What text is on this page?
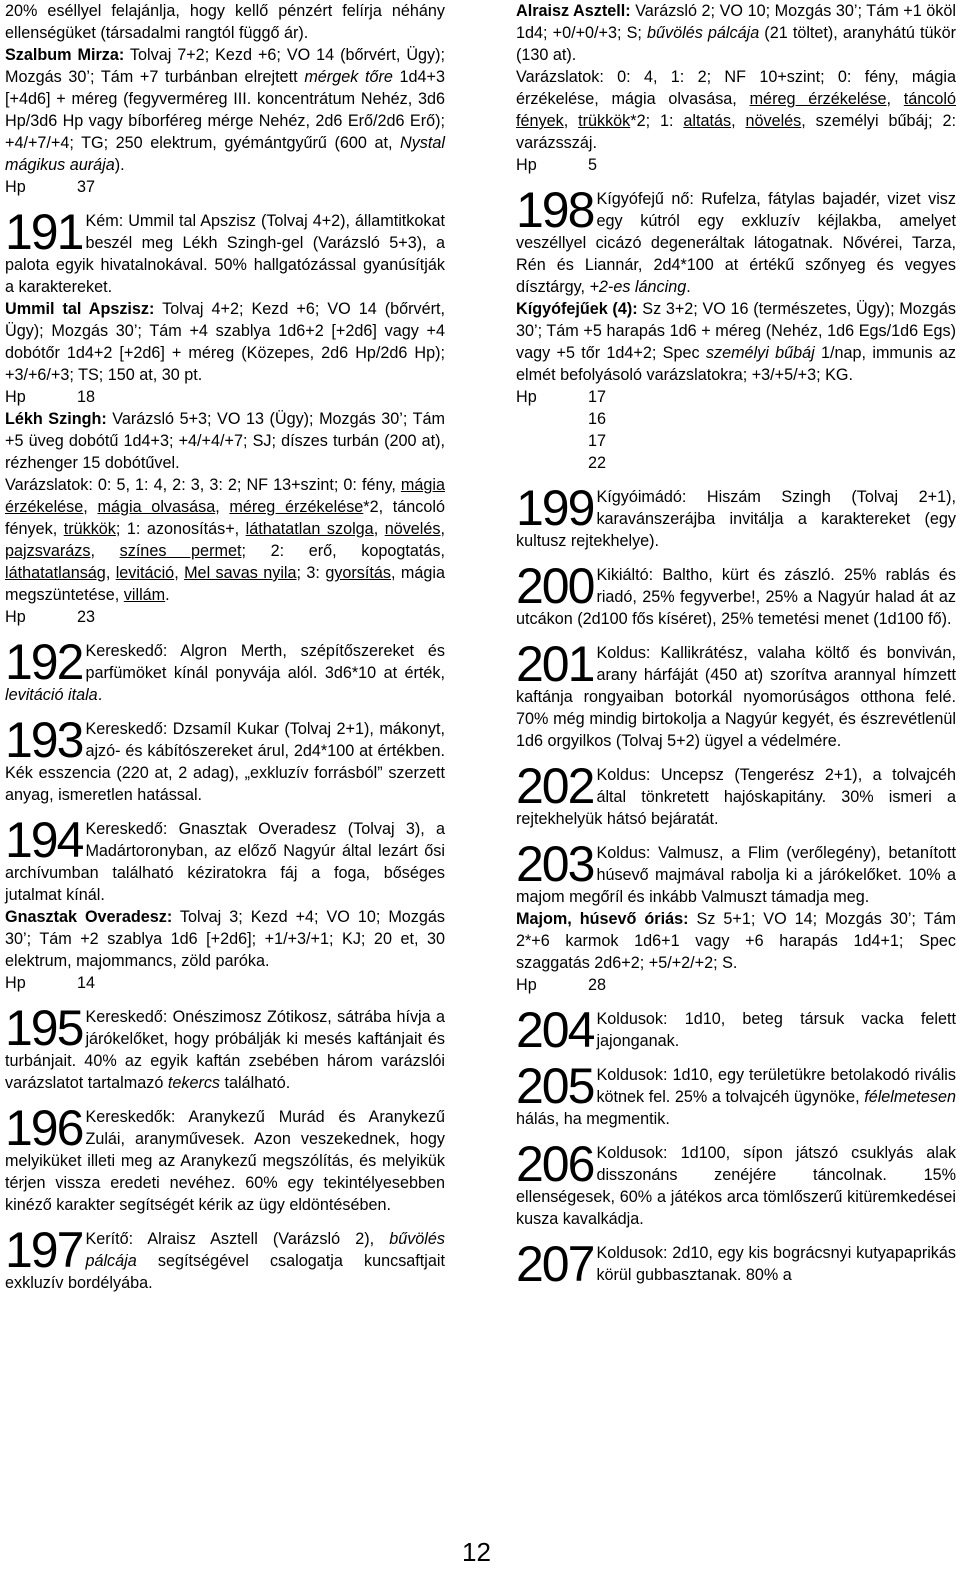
20% eséllyel felajánlja, hogy kellő pénzért felírja néhány ellenségüket (társadalmi rangtól függő ár).

Szalbum Mirza: Tolvaj 7+2; Kezd +6; VO 14 (bőrvért, Ügy); Mozgás 30’; Tám +7 turbánban elrejtett mérgek tőre 1d4+3 [+4d6] + méreg (fegyverméreg III. koncentrátum Nehéz, 3d6 Hp/3d6 Hp vagy bíborféreg mérge Nehéz, 2d6 Erő/2d6 Erő); +4/+7/+4; TG; 250 elektrum, gyémántgyűrű (600 at, Nystal mágikus aurája).

Hp	37
191 Kém: Ummil tal Apszisz (Tolvaj 4+2), államtitkokat beszél meg Lékh Szingh-gel (Varázsló 5+3), a palota egyik hivatalnokával. 50% hallgatózással gyanúsítják a karaktereket.

Ummil tal Apszisz: Tolvaj 4+2; Kezd +6; VO 14 (bőrvért, Ügy); Mozgás 30’; Tám +4 szablya 1d6+2 [+2d6] vagy +4 dobótőr 1d4+2 [+2d6] + méreg (Közepes, 2d6 Hp/2d6 Hp); +3/+6/+3; TS; 150 at, 30 pt.

Hp	18

Lékh Szingh: Varázsló 5+3; VO 13 (Ügy); Mozgás 30’; Tám +5 üveg dobótű 1d4+3; +4/+4/+7; SJ; díszes turbán (200 at), rézhenger 15 dobótűvel.

Varázslatok: 0: 5, 1: 4, 2: 3, 3: 2; NF 13+szint; 0: fény, mágia érzékelése, mágia olvasása, méreg érzékelése*2, táncoló fények, trükkök; 1: azonosítás+, láthatatlan szolga, növelés, pajzsvarázs, színes permet; 2: erő, kopogtatás, láthatatlanság, levitáció, Mel savas nyila; 3: gyorsítás, mágia megszüntetése, villám.

Hp	23
192 Kereskedő: Algron Merth, szépítőszereket és parfümöket kínál ponyvája alól. 3d6*10 at érték, levitáció itala.

193 Kereskedő: Dzsamíl Kukar (Tolvaj 2+1), mákonyt, ajzó- és kábítószereket árul, 2d4*100 at értékben. Kék esszencia (220 at, 2 adag), „exkluzív forrásból” szerzett anyag, ismeretlen hatással.

194 Kereskedő: Gnasztak Overadesz (Tolvaj 3), a Madártoronyban, az előző Nagyúr által lezárt ősi archívumban található kéziratokra fáj a foga, bőséges jutalmat kínál.

Gnasztak Overadesz: Tolvaj 3; Kezd +4; VO 10; Mozgás 30’; Tám +2 szablya 1d6 [+2d6]; +1/+3/+1; KJ; 20 et, 30 elektrum, majommancs, zöld paróka.

Hp	14
195 Kereskedő: Onészimosz Zótikosz, sátrába hívja a járókelőket, hogy próbálják ki mesés kaftánjait és turbánjait. 40% az egyik kaftán zsebében három varázslói varázslatot tartalmazó tekercs található.

196 Kereskedők: Aranykezű Murád és Aranykezű Zulái, aranyművesek. Azon veszekednek, hogy melyiküket illeti meg az Aranykezű megszólítás, és melyikük térjen vissza eredeti nevéhez. 60% egy tekintélyesebben kinéző karakter segítségét kérik az ügy eldöntésében.

197 Kerítő: Alraisz Asztell (Varázsló 2), bűvölés pálcája segítségével csalogatja kuncsaftjait exkluzív bordélyába.

Alraisz Asztell: Varázsló 2; VO 10; Mozgás 30’; Tám +1 ököl 1d4; +0/+0/+3; S; bűvölés pálcája (21 töltet), aranyhátú tükör (130 at).

Varázslatok: 0: 4, 1: 2; NF 10+szint; 0: fény, mágia érzékelése, mágia olvasása, méreg érzékelése, táncoló fények, trükkök*2; 1: altatás, növelés, személyi bűbáj; 2: varázsszáj.

Hp	5
198 Kígyófejű nő: Rufelza, fátylas bajadér, vizet visz egy kútról egy exkluzív kéjlakba, amelyet veszéllyel cicázó degeneráltak látogatnak. Nővérei, Tarza, Rén és Liannár, 2d4*100 at értékű szőnyeg és vegyes dísztárgy, +2-es láncing.

Kígyófejűek (4): Sz 3+2; VO 16 (természetes, Ügy); Mozgás 30’; Tám +5 harapás 1d6 + méreg (Nehéz, 1d6 Egs/1d6 Egs) vagy +5 tőr 1d4+2; Spec személyi bűbáj 1/nap, immunis az elmét befolyásoló varázslatokra; +3/+5/+3; KG.

Hp	17
16
17
22
199 Kígyóimádó: Hiszám Szingh (Tolvaj 2+1), karavánszerájba invitálja a karaktereket (egy kultusz rejtekhelye).

200 Kikiáltó: Baltho, kürt és zászló. 25% rablás és riadó, 25% fegyverbe!, 25% a Nagyúr halad át az utcákon (2d100 fős kíséret), 25% temetési menet (1d100 fő).

201 Koldus: Kallikrátész, valaha költő és bonviván, arany hárfáját (450 at) szorítva arannyal hímzett kaftánja rongyaiban botorkál nyomorúságos otthona felé. 70% még mindig birtokolja a Nagyúr kegyét, és észrevétlenül 1d6 orgyilkos (Tolvaj 5+2) ügyel a védelmére.

202 Koldus: Uncepsz (Tengerész 2+1), a tolvajcéh által tönkretett hajóskapitány. 30% ismeri a rejtekhelyük hátsó bejáratát.

203 Koldus: Valmusz, a Flim (verőlegény), betanított húsevő majmával rabolja ki a járókelőket. 10% a majom megőríl és inkább Valmuszt támadja meg.

Majom, húsevő óriás: Sz 5+1; VO 14; Mozgás 30’; Tám 2*+6 karmok 1d6+1 vagy +6 harapás 1d4+1; Spec szaggatás 2d6+2; +5/+2/+2; S.

Hp	28
204 Koldusok: 1d10, beteg társuk vacka felett jajonganak.

205 Koldusok: 1d10, egy területükre betolakodó rivális kötnek fel. 25% a tolvajcéh ügynöke, félelmetesen hálás, ha megmentik.

206 Koldusok: 1d100, sípon játszó csuklyás alak disszonáns zenéjére táncolnak. 15% ellenségesek, 60% a játékos arca tömlőszerű kitüremkedései kusza kavalkádja.

207 Koldusok: 2d10, egy kis bográcsnyi kutyapaprikás körül gubbasztanak. 80% a

12
